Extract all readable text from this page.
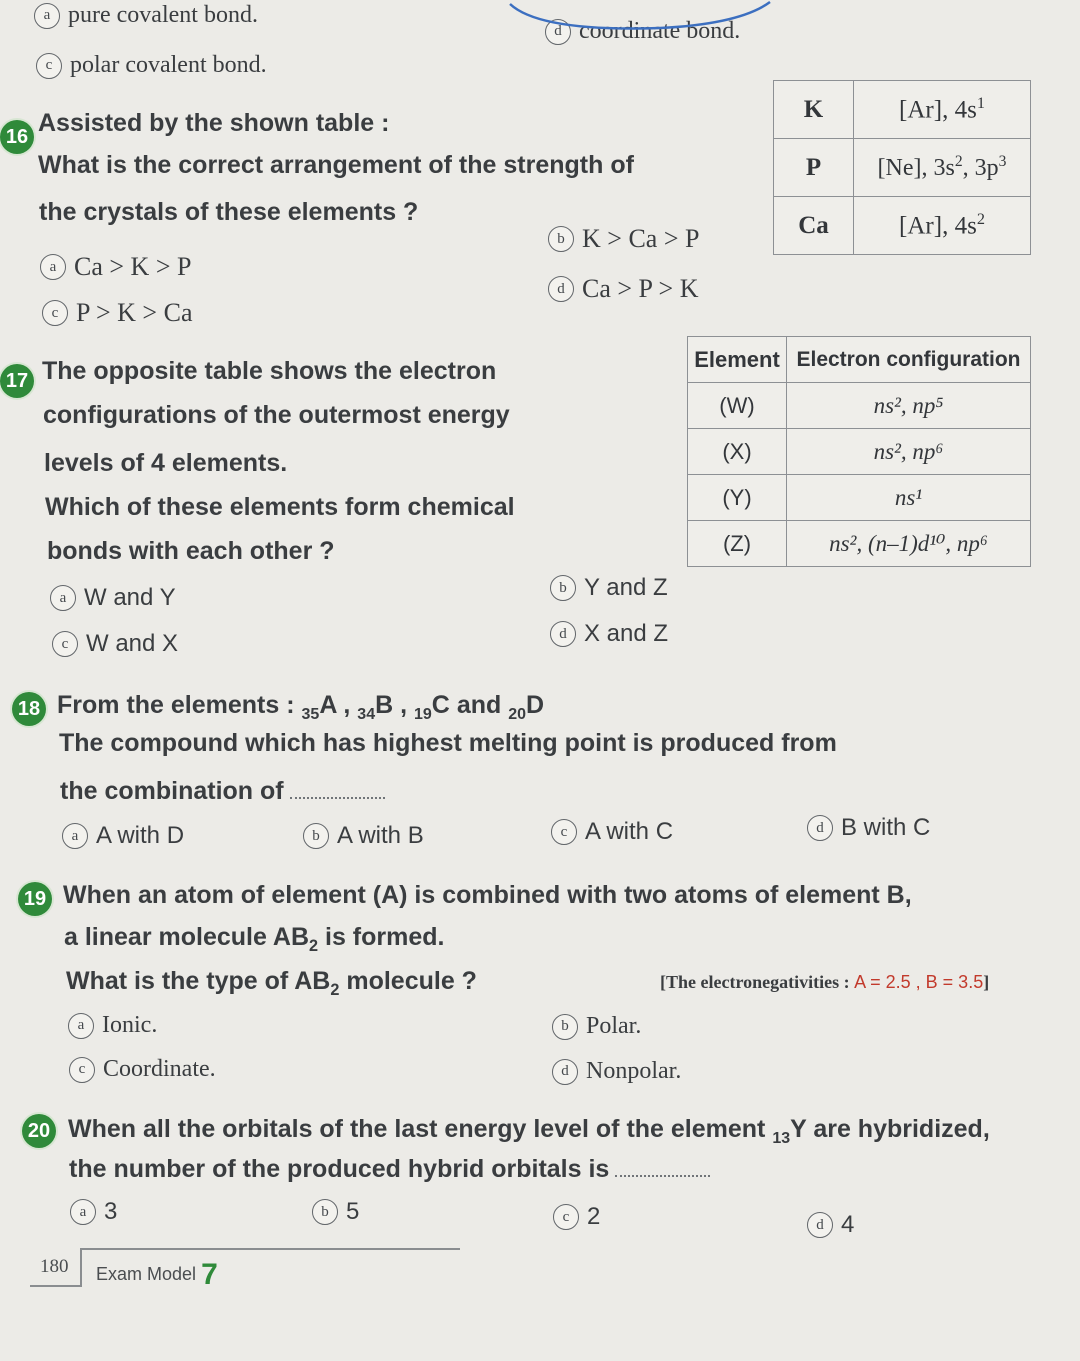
a pure covalent bond.
c polar covalent bond.
d coordinate bond.
16 Assisted by the shown table :
What is the correct arrangement of the strength of
the crystals of these elements ?
a Ca > K > P
b K > Ca > P
c P > K > Ca
d Ca > P > K
K	[Ar], $4s^1$
P	[Ne], $3s^2$, $3p^3$
Ca	[Ar], $4s^2$
17 The opposite table shows the electron
configurations of the outermost energy
levels of 4 elements.
Which of these elements form chemical
bonds with each other ?
a W and Y	b Y and Z
c W and X	d X and Z
Element	Electron configuration
(W)	ns², np⁵
(X)	ns², np⁶
(Y)	ns¹
(Z)	ns², (n–1)d¹⁰, np⁶
18 From the elements : $_{35}$A , $_{34}$B , $_{19}$C and $_{20}$D
The compound which has highest melting point is produced from
the combination of
a A with D	b A with B	c A with C	d B with C
19 When an atom of element (A) is combined with two atoms of element B,
a linear molecule $AB_2$ is formed.
What is the type of $AB_2$ molecule ?	[The electronegativities : A = 2.5 , B = 3.5]
a Ionic.	b Polar.
c Coordinate.	d Nonpolar.
20 When all the orbitals of the last energy level of the element $_{13}$Y are hybridized,
the number of the produced hybrid orbitals is
a 3	b 5	c 2	d 4
180 Exam Model 7
